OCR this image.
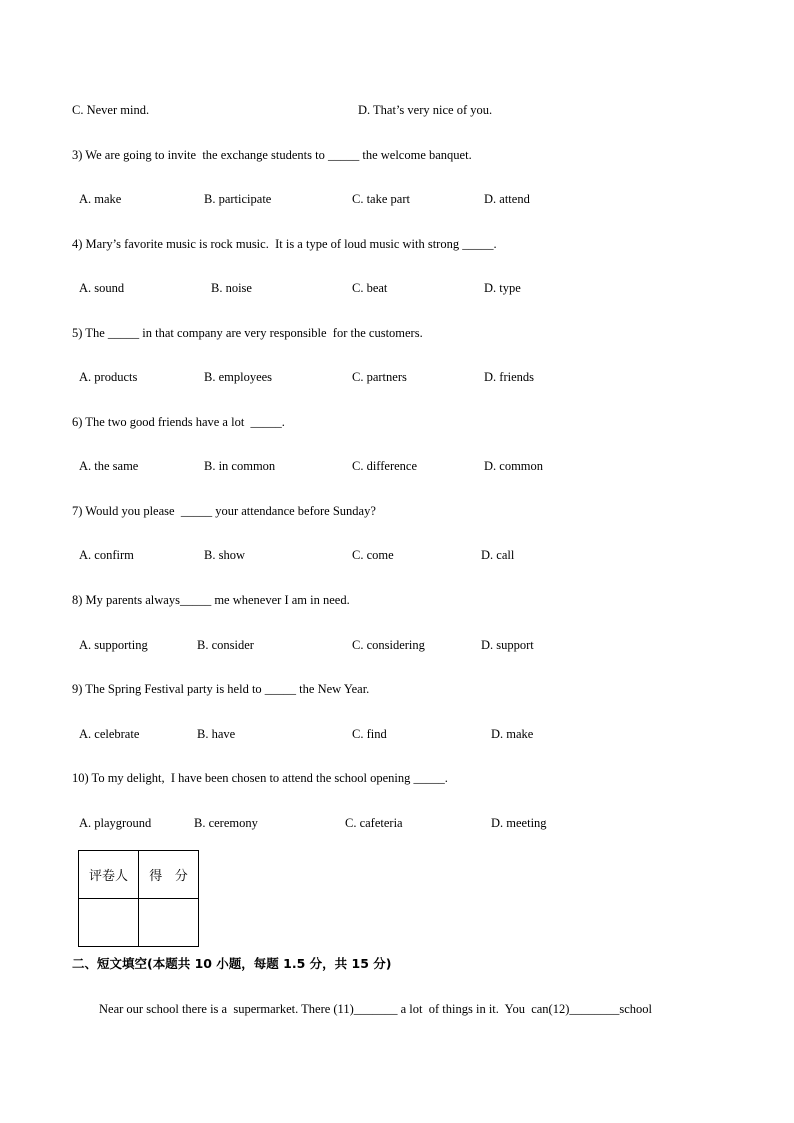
C. Never mind.	D. That’s very nice of you.
3) We are going to invite  the exchange students to _____ the welcome banquet.
A. make	B. participate	C. take part	D. attend
4) Mary’s favorite music is rock music.  It is a type of loud music with strong _____.
A. sound	B. noise	C. beat	D. type
5) The _____ in that company are very responsible  for the customers.
A. products	B. employees	C. partners	D. friends
6) The two good friends have a lot  _____.
A. the same	B. in common	C. difference	D. common
7) Would you please  _____ your attendance before Sunday?
A. confirm	B. show	C. come	D. call
8) My parents always_____ me whenever I am in need.
A. supporting	B. consider	C. considering	D. support
9) The Spring Festival party is held to _____ the New Year.
A. celebrate	B. have	C. find	D. make
10) To my delight,  I have been chosen to attend the school opening _____.
A. playground	B. ceremony	C. cafeteria	D. meeting
评卷人	得   分

二、短文填空(本题共 10 小题，每题 1.5 分，共 15 分)
Near our school there is a  supermarket. There (11)_______ a lot  of things in it.  You  can(12)________school
